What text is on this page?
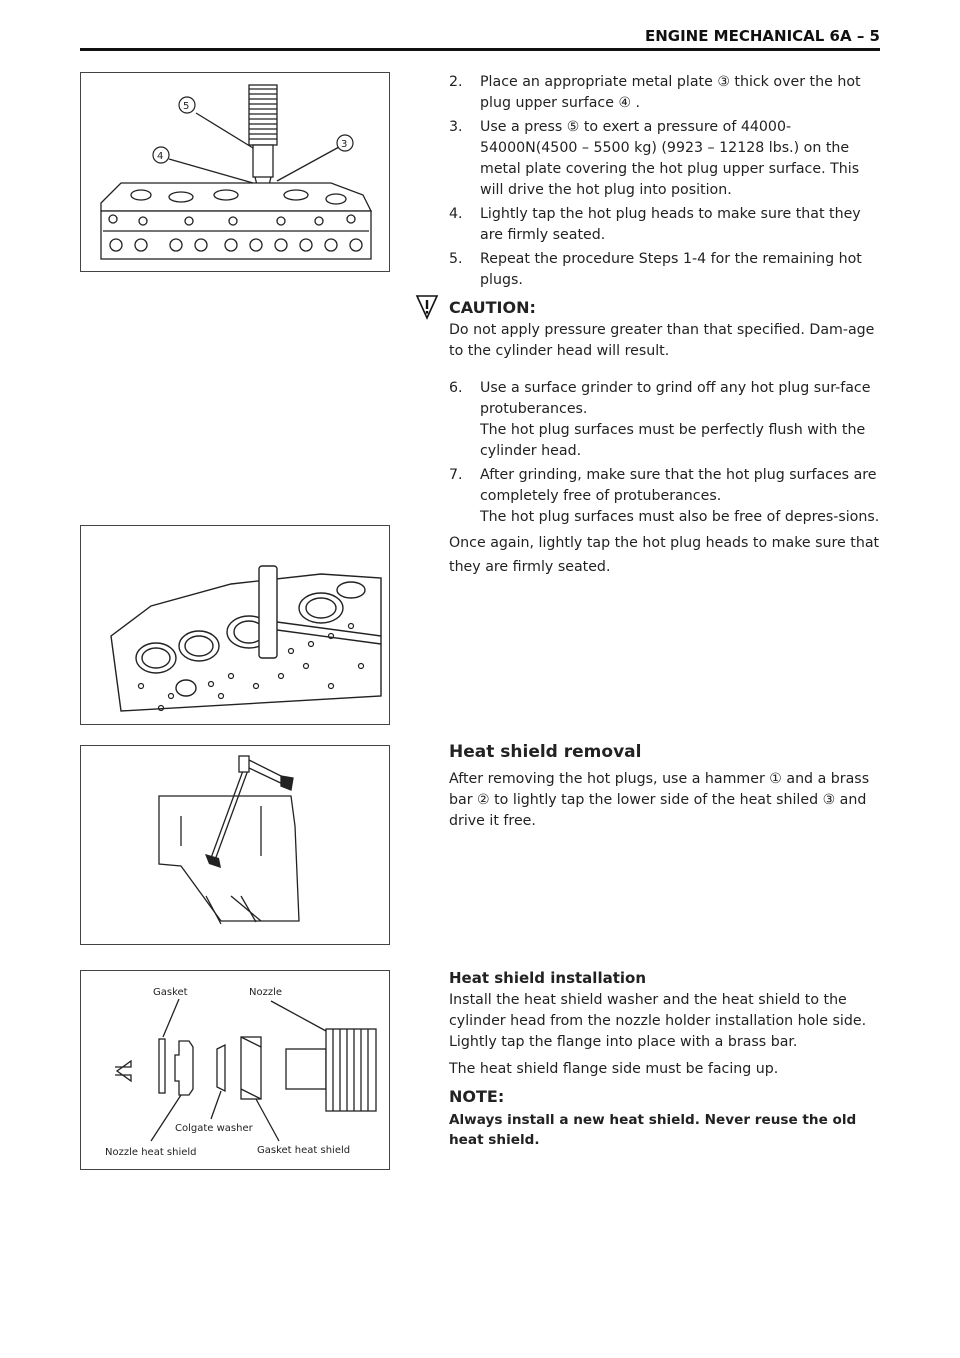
ENGINE MECHANICAL 6A – 5
5
4
3
Gasket	Nozzle
Colgate washer
Nozzle heat shield	Gasket heat shield
2. Place an appropriate metal plate ③ thick over the hot plug upper surface ④ .
3. Use a press ⑤ to exert a pressure of 44000-54000N(4500 – 5500 kg) (9923 – 12128 lbs.) on the metal plate covering the hot plug upper surface. This will drive the hot plug into position.
4. Lightly tap the hot plug heads to make sure that they are firmly seated.
5. Repeat the procedure Steps 1-4 for the remaining hot plugs.
CAUTION:

Do not apply pressure greater than that specified. Dam-age to the cylinder head will result.

6. Use a surface grinder to grind off any hot plug sur-face protuberances.
The hot plug surfaces must be perfectly flush with the cylinder head.
7. After grinding, make sure that the hot plug surfaces are completely free of protuberances.
The hot plug surfaces must also be free of depres-sions.

Once again, lightly tap the hot plug heads to make sure that they are firmly seated.

Heat shield removal

After removing the hot plugs, use a hammer ① and a brass bar ② to lightly tap the lower side of the heat shiled ③ and drive it free.

Heat shield installation

Install the heat shield washer and the heat shield to the cylinder head from the nozzle holder installation hole side. Lightly tap the flange into place with a brass bar.

The heat shield flange side must be facing up.

NOTE:

Always install a new heat shield. Never reuse the old heat shield.
